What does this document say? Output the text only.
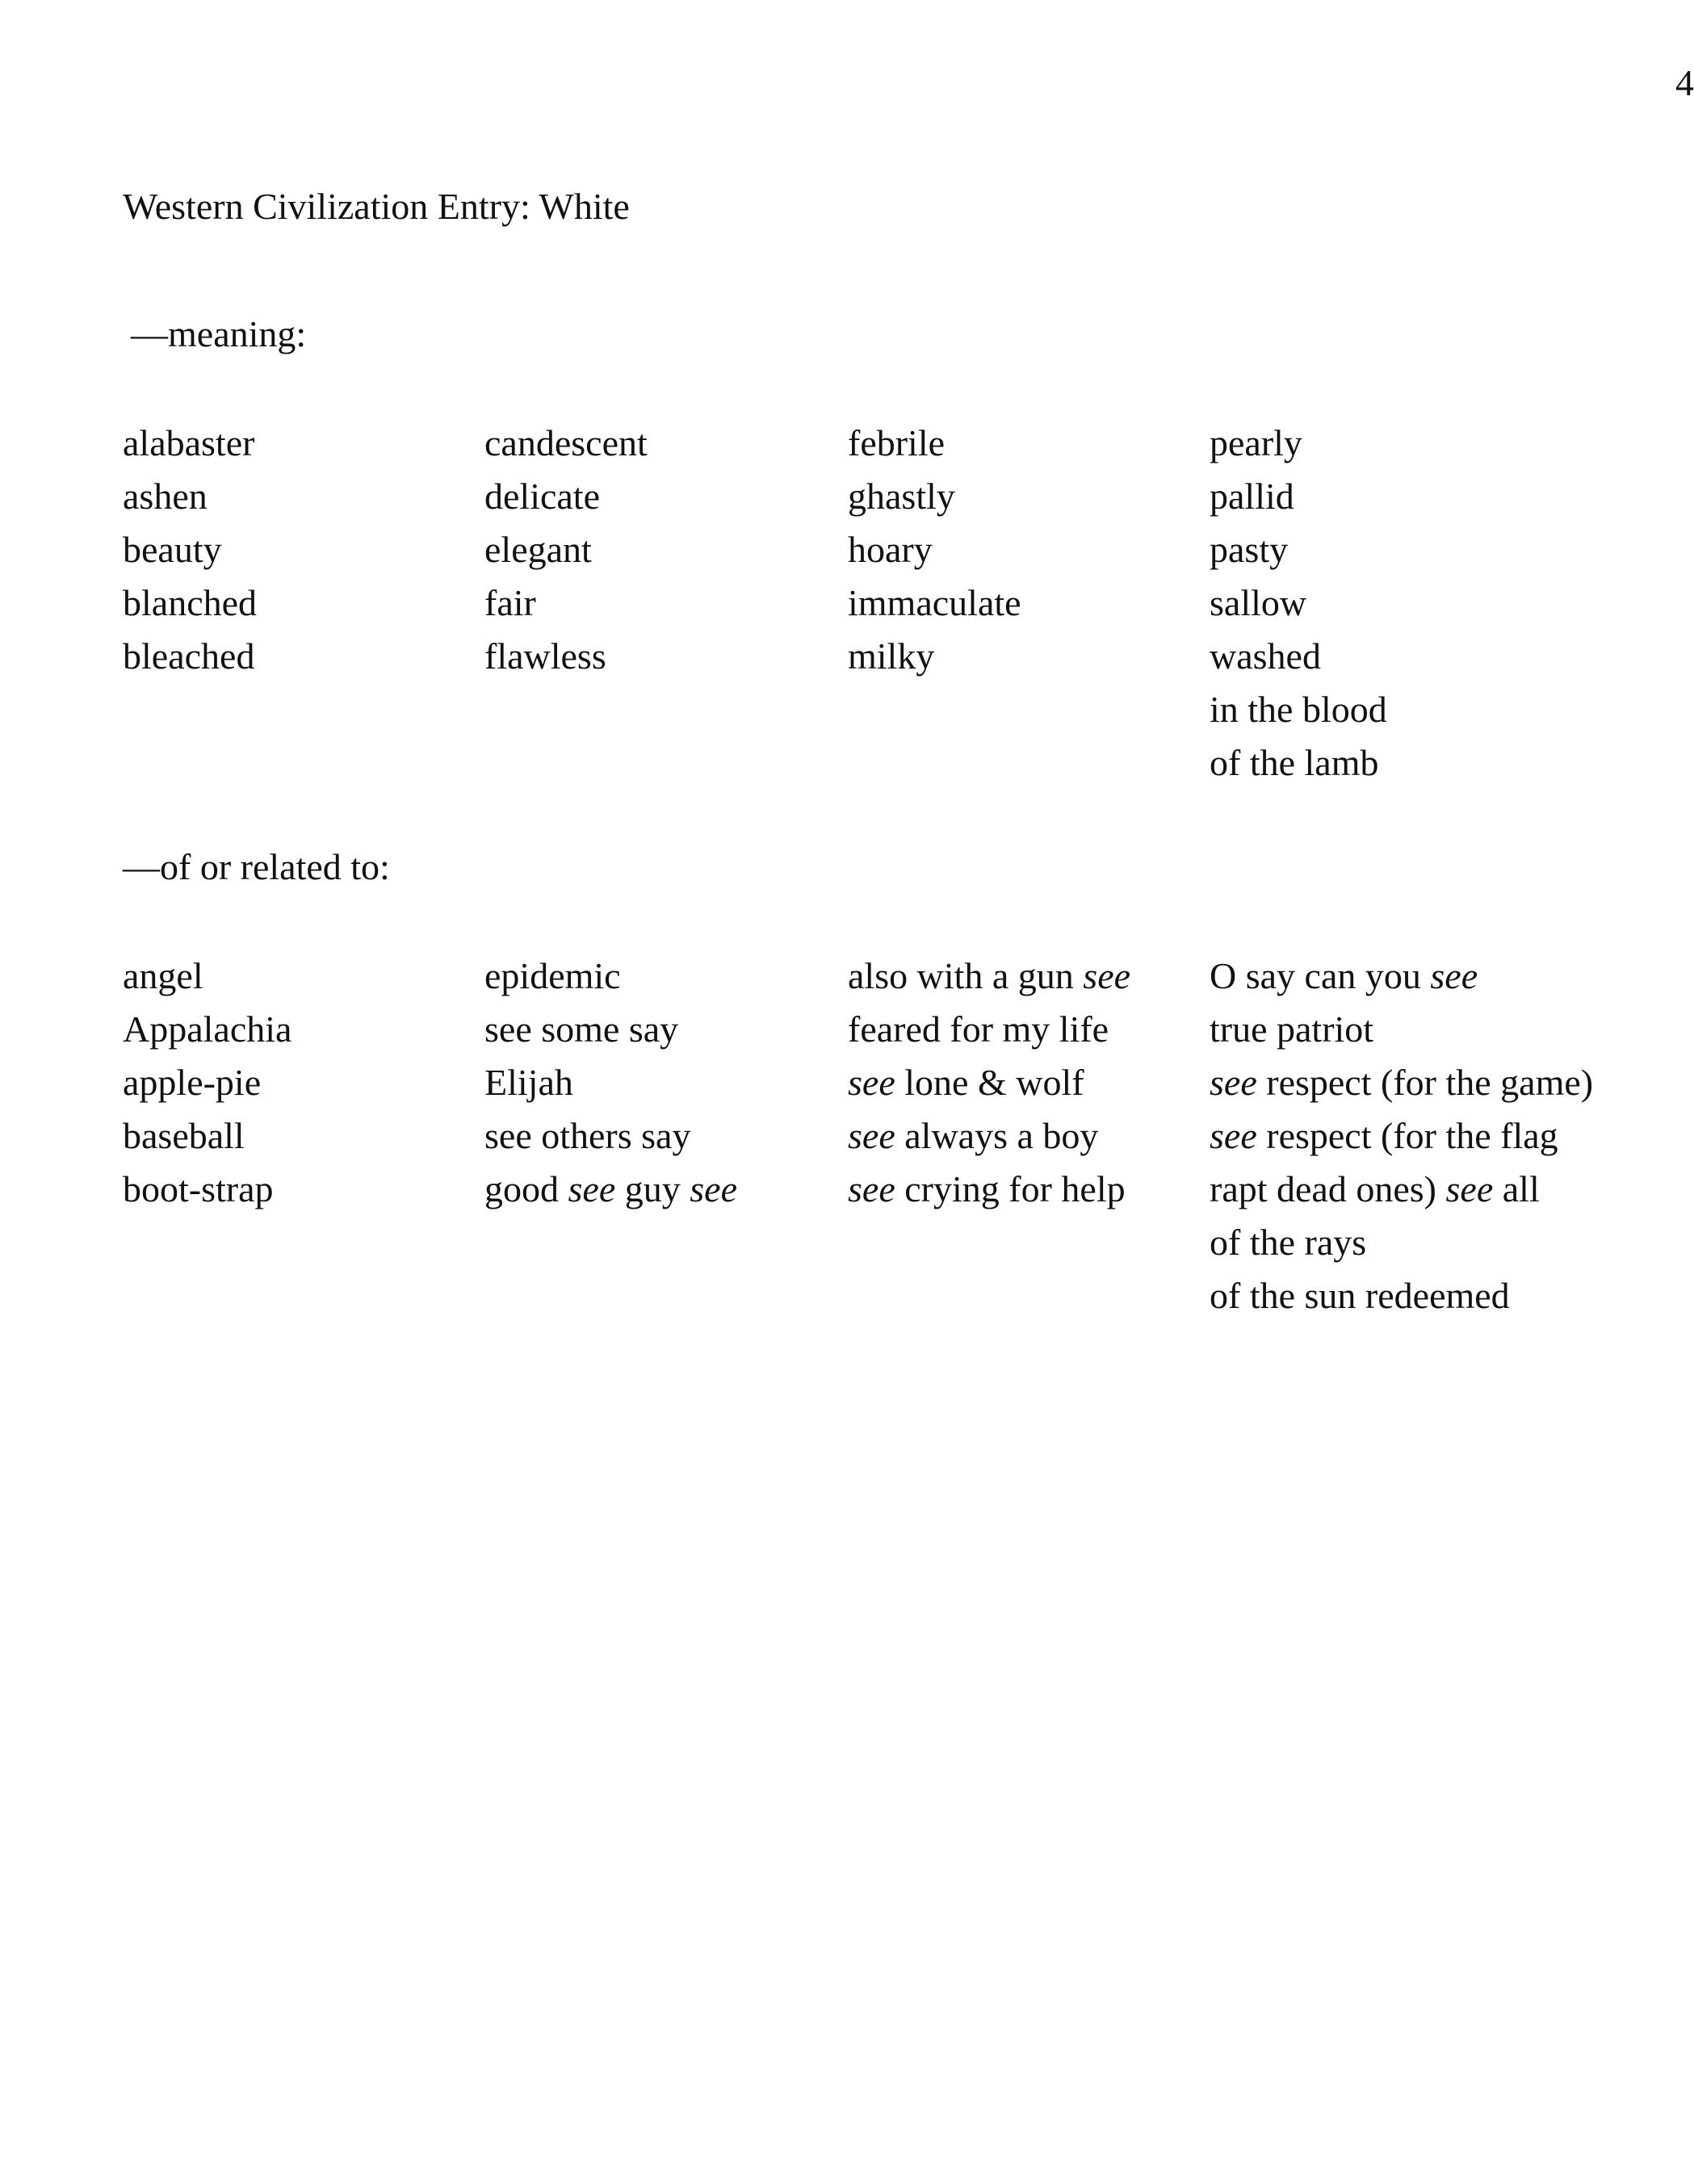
4
Western Civilization Entry: White
—meaning:
alabaster
ashen
beauty
blanched
bleached
candescent
delicate
elegant
fair
flawless
febrile
ghastly
hoary
immaculate
milky
pearly
pallid
pasty
sallow
washed
in the blood
of the lamb
—of or related to:
angel
Appalachia
apple-pie
baseball
boot-strap
epidemic
see some say
Elijah
see others say
good see guy see
also with a gun see
feared for my life
see lone & wolf
see always a boy
see crying for help
O say can you see
true patriot
see respect (for the game)
see respect (for the flag
rapt dead ones) see all
of the rays
of the sun redeemed
